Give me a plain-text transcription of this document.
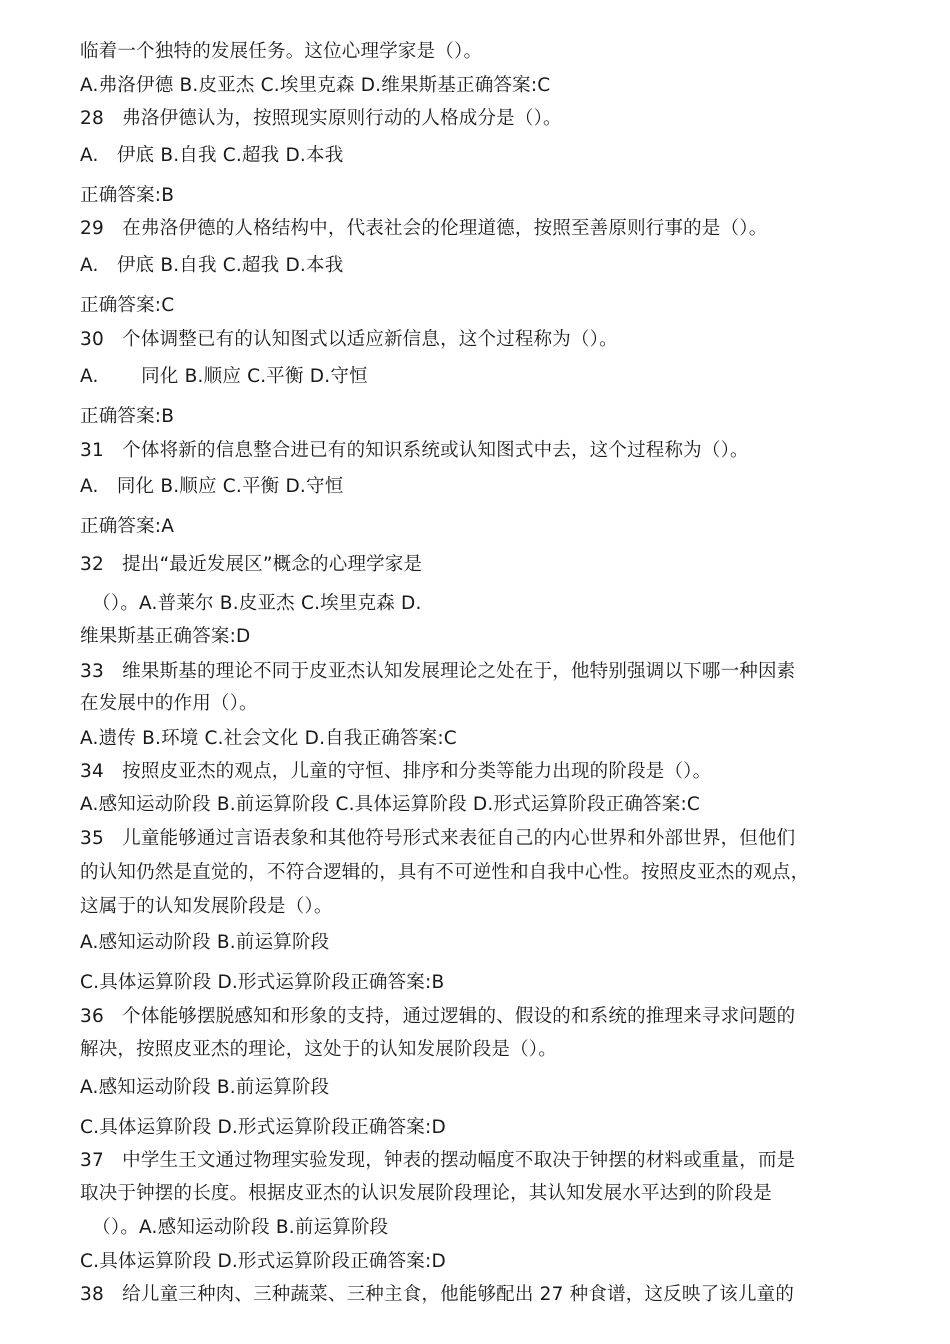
临着一个独特的发展任务。这位心理学家是（）。
A.弗洛伊德 B.皮亚杰 C.埃里克森 D.维果斯基正确答案:C
28   弗洛伊德认为，按照现实原则行动的人格成分是（）。
A.   伊底 B.自我 C.超我 D.本我
正确答案:B
29   在弗洛伊德的人格结构中，代表社会的伦理道德，按照至善原则行事的是（）。
A.   伊底 B.自我 C.超我 D.本我
正确答案:C
30   个体调整已有的认知图式以适应新信息，这个过程称为（）。
A.       同化 B.顺应 C.平衡 D.守恒
正确答案:B
31   个体将新的信息整合进已有的知识系统或认知图式中去，这个过程称为（）。
A.   同化 B.顺应 C.平衡 D.守恒
正确答案:A
32   提出“最近发展区”概念的心理学家是
（）。A.普莱尔 B.皮亚杰 C.埃里克森 D.
维果斯基正确答案:D
33   维果斯基的理论不同于皮亚杰认知发展理论之处在于，他特别强调以下哪一种因素
在发展中的作用（）。
A.遗传 B.环境 C.社会文化 D.自我正确答案:C
34   按照皮亚杰的观点，儿童的守恒、排序和分类等能力出现的阶段是（）。
A.感知运动阶段 B.前运算阶段 C.具体运算阶段 D.形式运算阶段正确答案:C
35   儿童能够通过言语表象和其他符号形式来表征自己的内心世界和外部世界，但他们
的认知仍然是直觉的，不符合逻辑的，具有不可逆性和自我中心性。按照皮亚杰的观点，
这属于的认知发展阶段是（）。
A.感知运动阶段 B.前运算阶段
C.具体运算阶段 D.形式运算阶段正确答案:B
36   个体能够摆脱感知和形象的支持，通过逻辑的、假设的和系统的推理来寻求问题的
解决，按照皮亚杰的理论，这处于的认知发展阶段是（）。
A.感知运动阶段 B.前运算阶段
C.具体运算阶段 D.形式运算阶段正确答案:D
37   中学生王文通过物理实验发现，钟表的摆动幅度不取决于钟摆的材料或重量，而是
取决于钟摆的长度。根据皮亚杰的认识发展阶段理论，其认知发展水平达到的阶段是
（）。A.感知运动阶段 B.前运算阶段
C.具体运算阶段 D.形式运算阶段正确答案:D
38   给儿童三种肉、三种蔬菜、三种主食，他能够配出 27 种食谱，这反映了该儿童的
